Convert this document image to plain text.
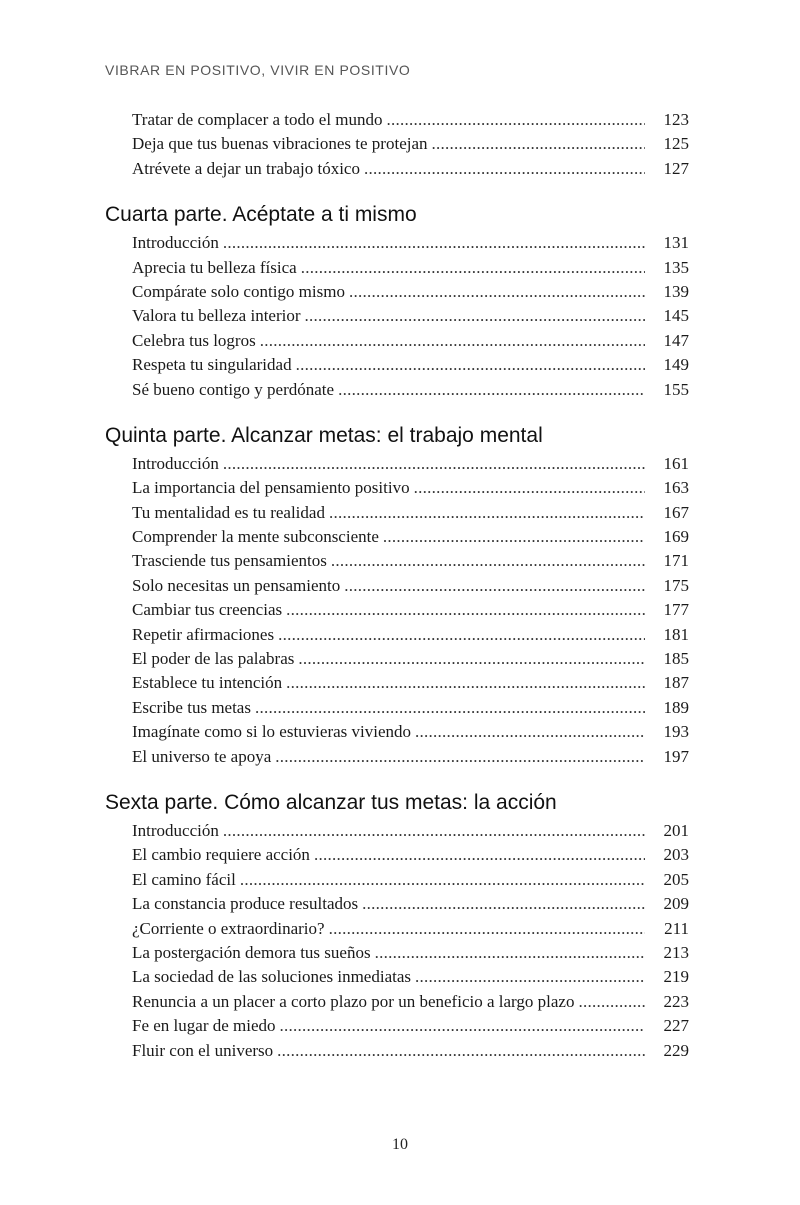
VIBRAR EN POSITIVO, VIVIR EN POSITIVO
Tratar de complacer a todo el mundo . . .	123
Deja que tus buenas vibraciones te protejan . . .	125
Atrévete a dejar un trabajo tóxico . . .	127
Cuarta parte. Acéptate a ti mismo
Introducción . . .	131
Aprecia tu belleza física . . .	135
Compárate solo contigo mismo . . .	139
Valora tu belleza interior . . .	145
Celebra tus logros . . .	147
Respeta tu singularidad . . .	149
Sé bueno contigo y perdónate . . .	155
Quinta parte. Alcanzar metas: el trabajo mental
Introducción . . .	161
La importancia del pensamiento positivo . . .	163
Tu mentalidad es tu realidad . . .	167
Comprender la mente subconsciente . . .	169
Trasciende tus pensamientos . . .	171
Solo necesitas un pensamiento . . .	175
Cambiar tus creencias . . .	177
Repetir afirmaciones . . .	181
El poder de las palabras . . .	185
Establece tu intención . . .	187
Escribe tus metas . . .	189
Imagínate como si lo estuvieras viviendo . . .	193
El universo te apoya . . .	197
Sexta parte. Cómo alcanzar tus metas: la acción
Introducción . . .	201
El cambio requiere acción . . .	203
El camino fácil . . .	205
La constancia produce resultados . . .	209
¿Corriente o extraordinario? . . .	211
La postergación demora tus sueños . . .	213
La sociedad de las soluciones inmediatas . . .	219
Renuncia a un placer a corto plazo por un beneficio a largo plazo . . .	223
Fe en lugar de miedo . . .	227
Fluir con el universo . . .	229
10
